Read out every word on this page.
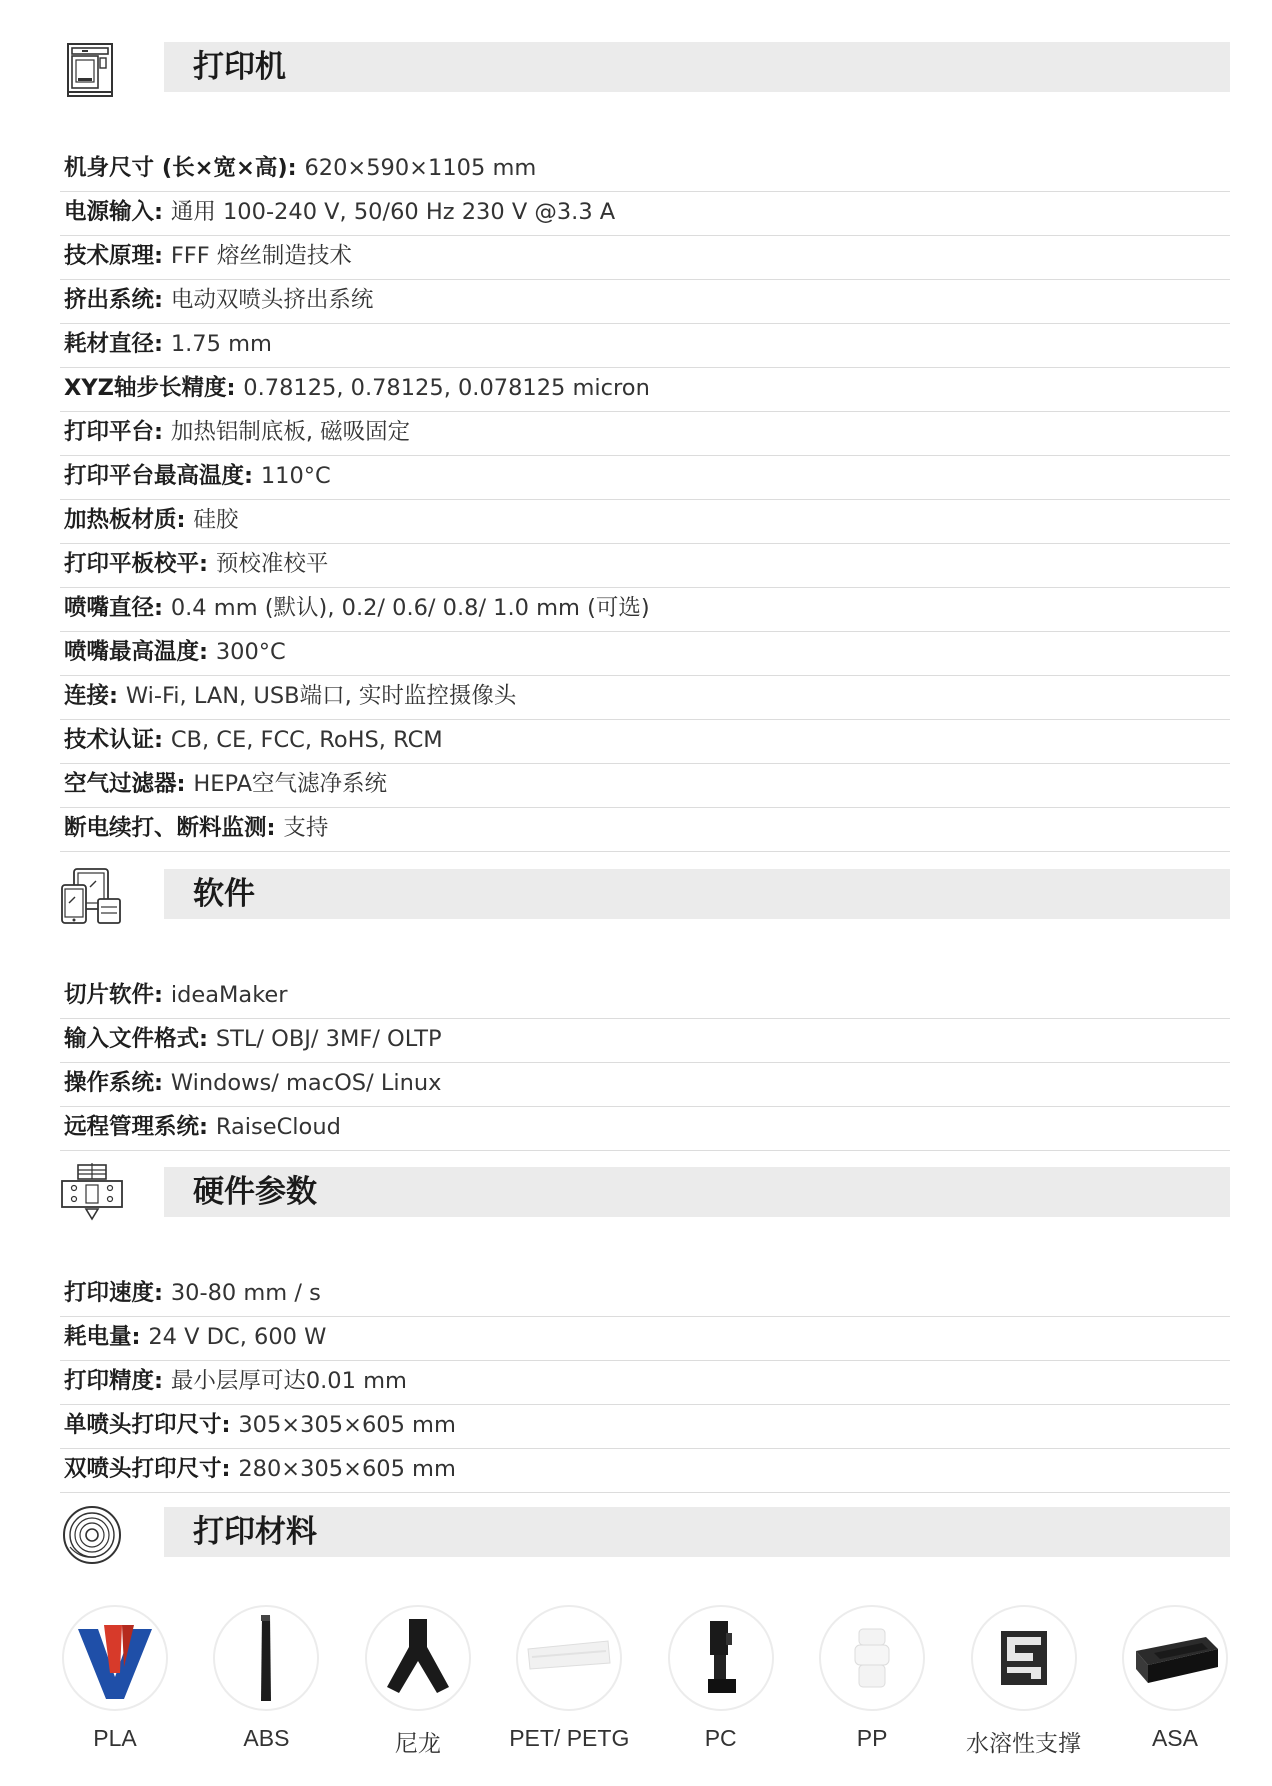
打印机
机身尺寸 (长×宽×高): 620×590×1105 mm
电源输入: 通用 100-240 V, 50/60 Hz 230 V @3.3 A
技术原理: FFF 熔丝制造技术
挤出系统: 电动双喷头挤出系统
耗材直径: 1.75 mm
XYZ轴步长精度: 0.78125, 0.78125, 0.078125 micron
打印平台: 加热铝制底板, 磁吸固定
打印平台最高温度: 110°C
加热板材质: 硅胶
打印平板校平: 预校准校平
喷嘴直径: 0.4 mm (默认), 0.2/ 0.6/ 0.8/ 1.0 mm (可选)
喷嘴最高温度: 300°C
连接: Wi-Fi, LAN, USB端口, 实时监控摄像头
技术认证: CB, CE, FCC, RoHS, RCM
空气过滤器: HEPA空气滤净系统
断电续打、断料监测: 支持
软件
切片软件: ideaMaker
输入文件格式: STL/ OBJ/ 3MF/ OLTP
操作系统: Windows/ macOS/ Linux
远程管理系统: RaiseCloud
硬件参数
打印速度: 30-80 mm / s
耗电量: 24 V DC, 600 W
打印精度: 最小层厚可达0.01 mm
单喷头打印尺寸: 305×305×605 mm
双喷头打印尺寸: 280×305×605 mm
打印材料
PLA	ABS	尼龙	PET/ PETG	PC	PP	水溶性支撑	ASA
